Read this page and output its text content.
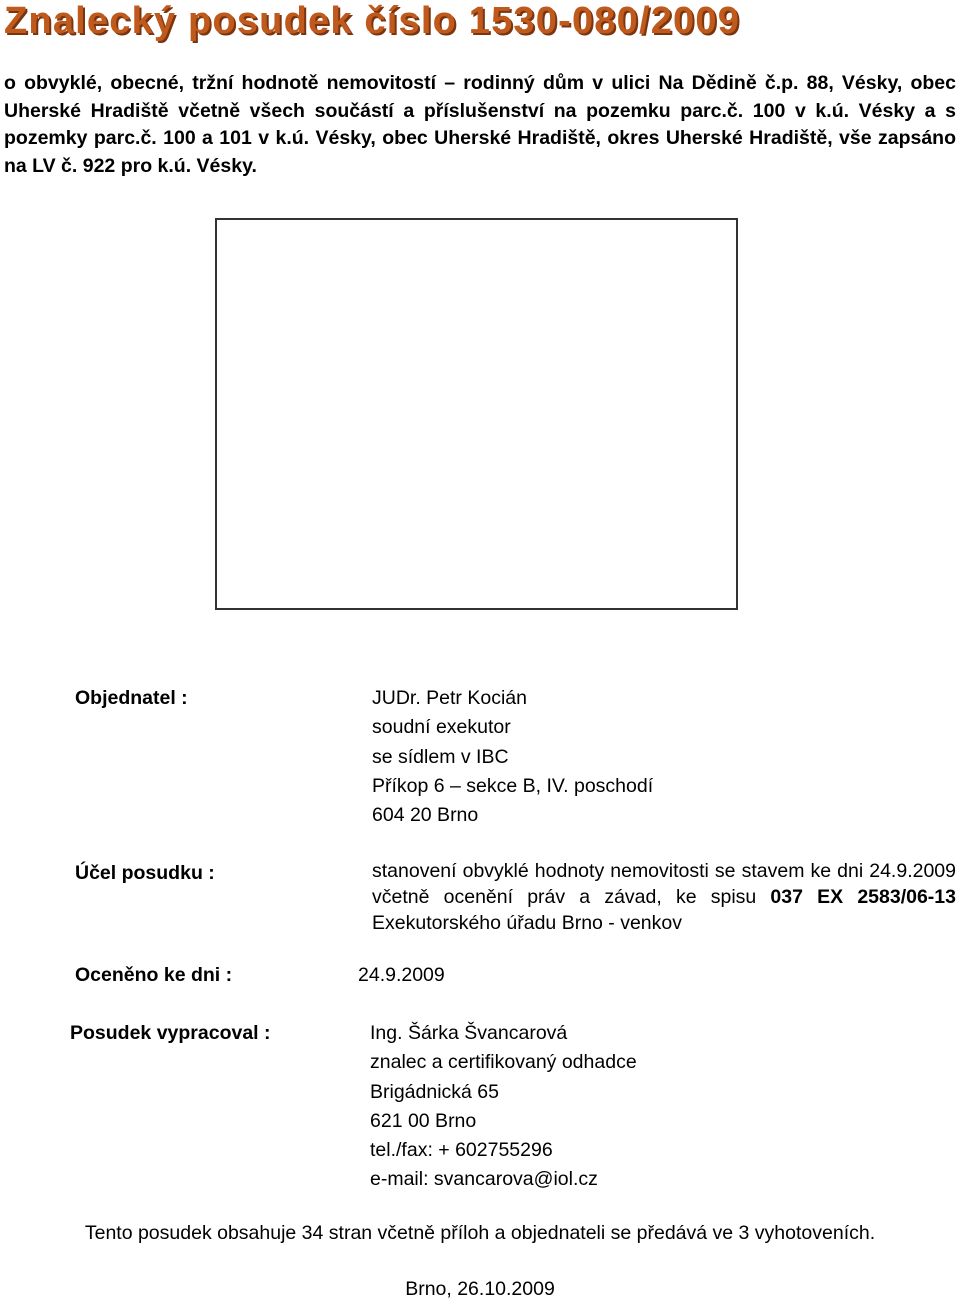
Znalecký posudek číslo 1530-080/2009

o obvyklé, obecné, tržní hodnotě nemovitostí – rodinný dům v ulici Na Dědině č.p. 88, Vésky, obec Uherské Hradiště včetně všech součástí a příslušenství na pozemku parc.č. 100 v k.ú. Vésky a s pozemky parc.č. 100 a 101 v k.ú. Vésky, obec Uherské Hradiště, okres Uherské Hradiště, vše zapsáno na LV č. 922 pro k.ú. Vésky.

Objednatel :	JUDr. Petr Kocián
soudní exekutor
se sídlem v IBC
Příkop 6 – sekce B, IV. poschodí
604 20 Brno
Účel posudku :	stanovení obvyklé hodnoty nemovitosti se stavem ke dni 24.9.2009 včetně ocenění práv a závad, ke spisu 037 EX 2583/06-13 Exekutorského úřadu Brno - venkov

Oceněno ke dni :	24.9.2009
Posudek vypracoval :	Ing. Šárka Švancarová
znalec a certifikovaný odhadce
Brigádnická 65
621 00 Brno
tel./fax: + 602755296
e-mail: svancarova@iol.cz
Tento posudek obsahuje 34 stran včetně příloh a objednateli se předává ve 3 vyhotoveních.
Brno, 26.10.2009
